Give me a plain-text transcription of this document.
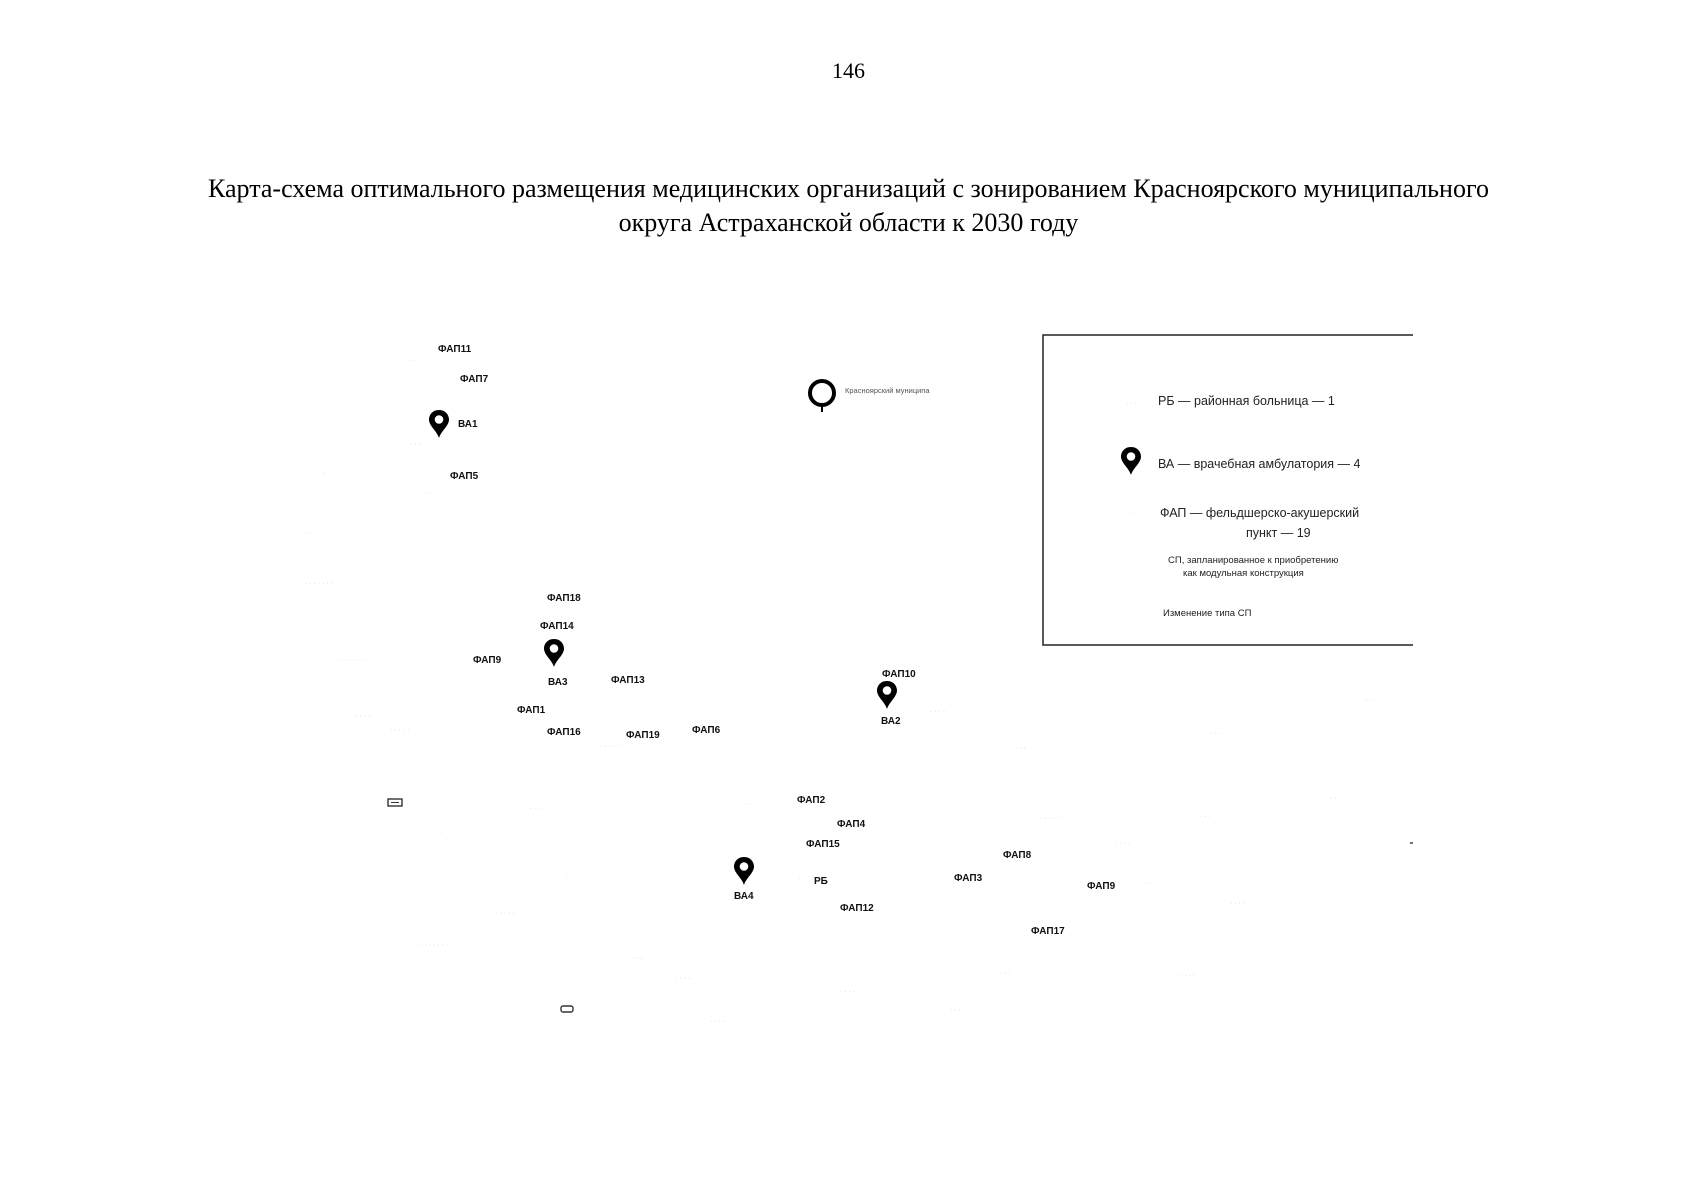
146
Карта-схема оптимального размещения медицинских организаций с зонированием Красноярского муниципального
округа Астраханской области к 2030 году
· · ·
· · ·
· · ·
·
· ·
· · · · · · ·
· · · · · ·
· · · ·
· · · · ·
· · · ·
·
·
· · · · ·
· · · · · · ·
· · · ·
· · · ·
· · · ·
· · · ·
· · ·
· · ·
· · ·
· · · · ·
· · · ·
· · ·
· · · ·
· · · ·
· · · ·
· · · ·
· ·
· ·
· · · ·
· · · · ·
· ·
Красноярский муниципа
ВА1
ВА3
ВА2
ВА4
· РБ
ФАП11
ФАП7
ФАП5
ФАП18
ФАП14
ФАП9
ФАП13
ФАП1
ФАП16	ФАП19	ФАП6
ФАП10
ФАП2
ФАП4
ФАП15
ФАП8
ФАП3
ФАП9
ФАП12
ФАП17
· · · РБ — районная больница — 1
ВА — врачебная амбулатория — 4
· ФАП — фельдшерско-акушерский
пункт — 19
СП, запланированное к приобретению
как модульная конструкция
Изменение типа СП
